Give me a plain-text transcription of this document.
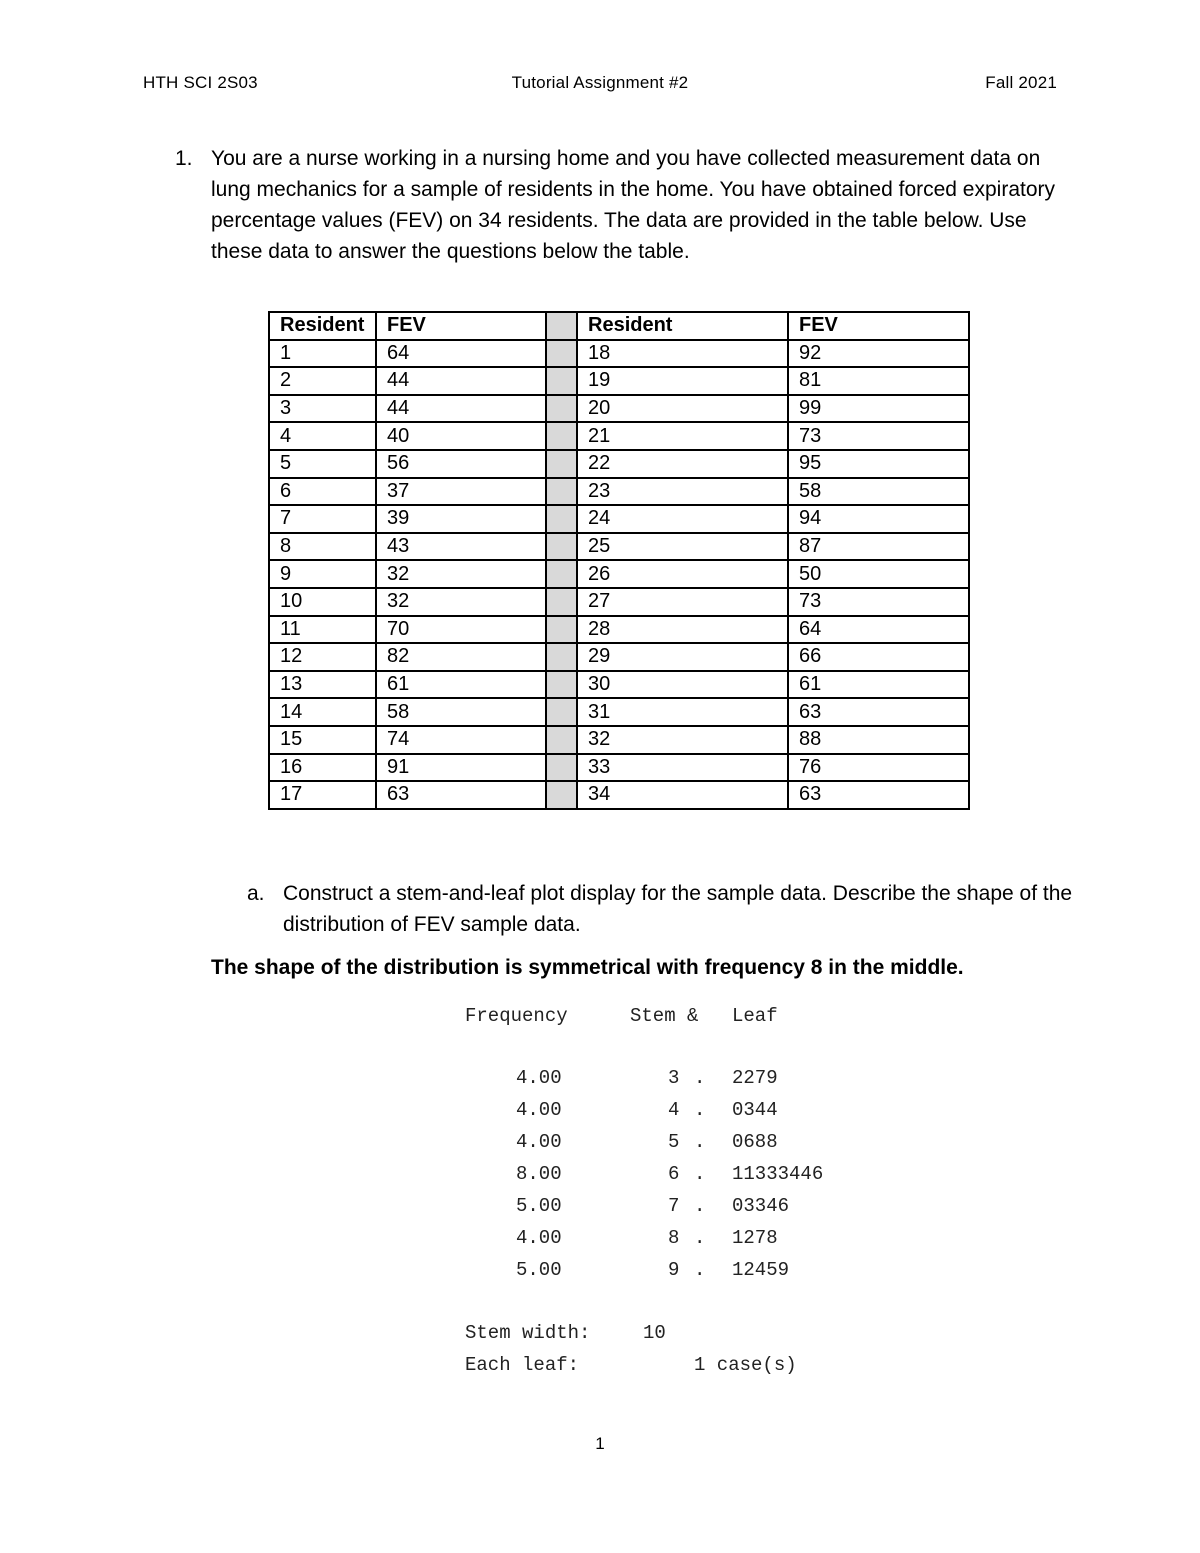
HTH SCI 2S03	Tutorial Assignment #2	Fall 2021
1. You are a nurse working in a nursing home and you have collected measurement data on lung mechanics for a sample of residents in the home. You have obtained forced expiratory percentage values (FEV) on 34 residents. The data are provided in the table below. Use these data to answer the questions below the table.
Resident	FEV		Resident	FEV
1	64		18	92
2	44		19	81
3	44		20	99
4	40		21	73
5	56		22	95
6	37		23	58
7	39		24	94
8	43		25	87
9	32		26	50
10	32		27	73
11	70		28	64
12	82		29	66
13	61		30	61
14	58		31	63
15	74		32	88
16	91		33	76
17	63		34	63
a. Construct a stem-and-leaf plot display for the sample data. Describe the shape of the distribution of FEV sample data.
The shape of the distribution is symmetrical with frequency 8 in the middle.
Frequency	Stem & Leaf
Stem width:	10
Each leaf:	1 case(s)
4.00	3 . 2279
4.00	4 . 0344
4.00	5 . 0688
8.00	6 . 11333446
5.00	7 . 03346
4.00	8 . 1278
5.00	9 . 12459
1
